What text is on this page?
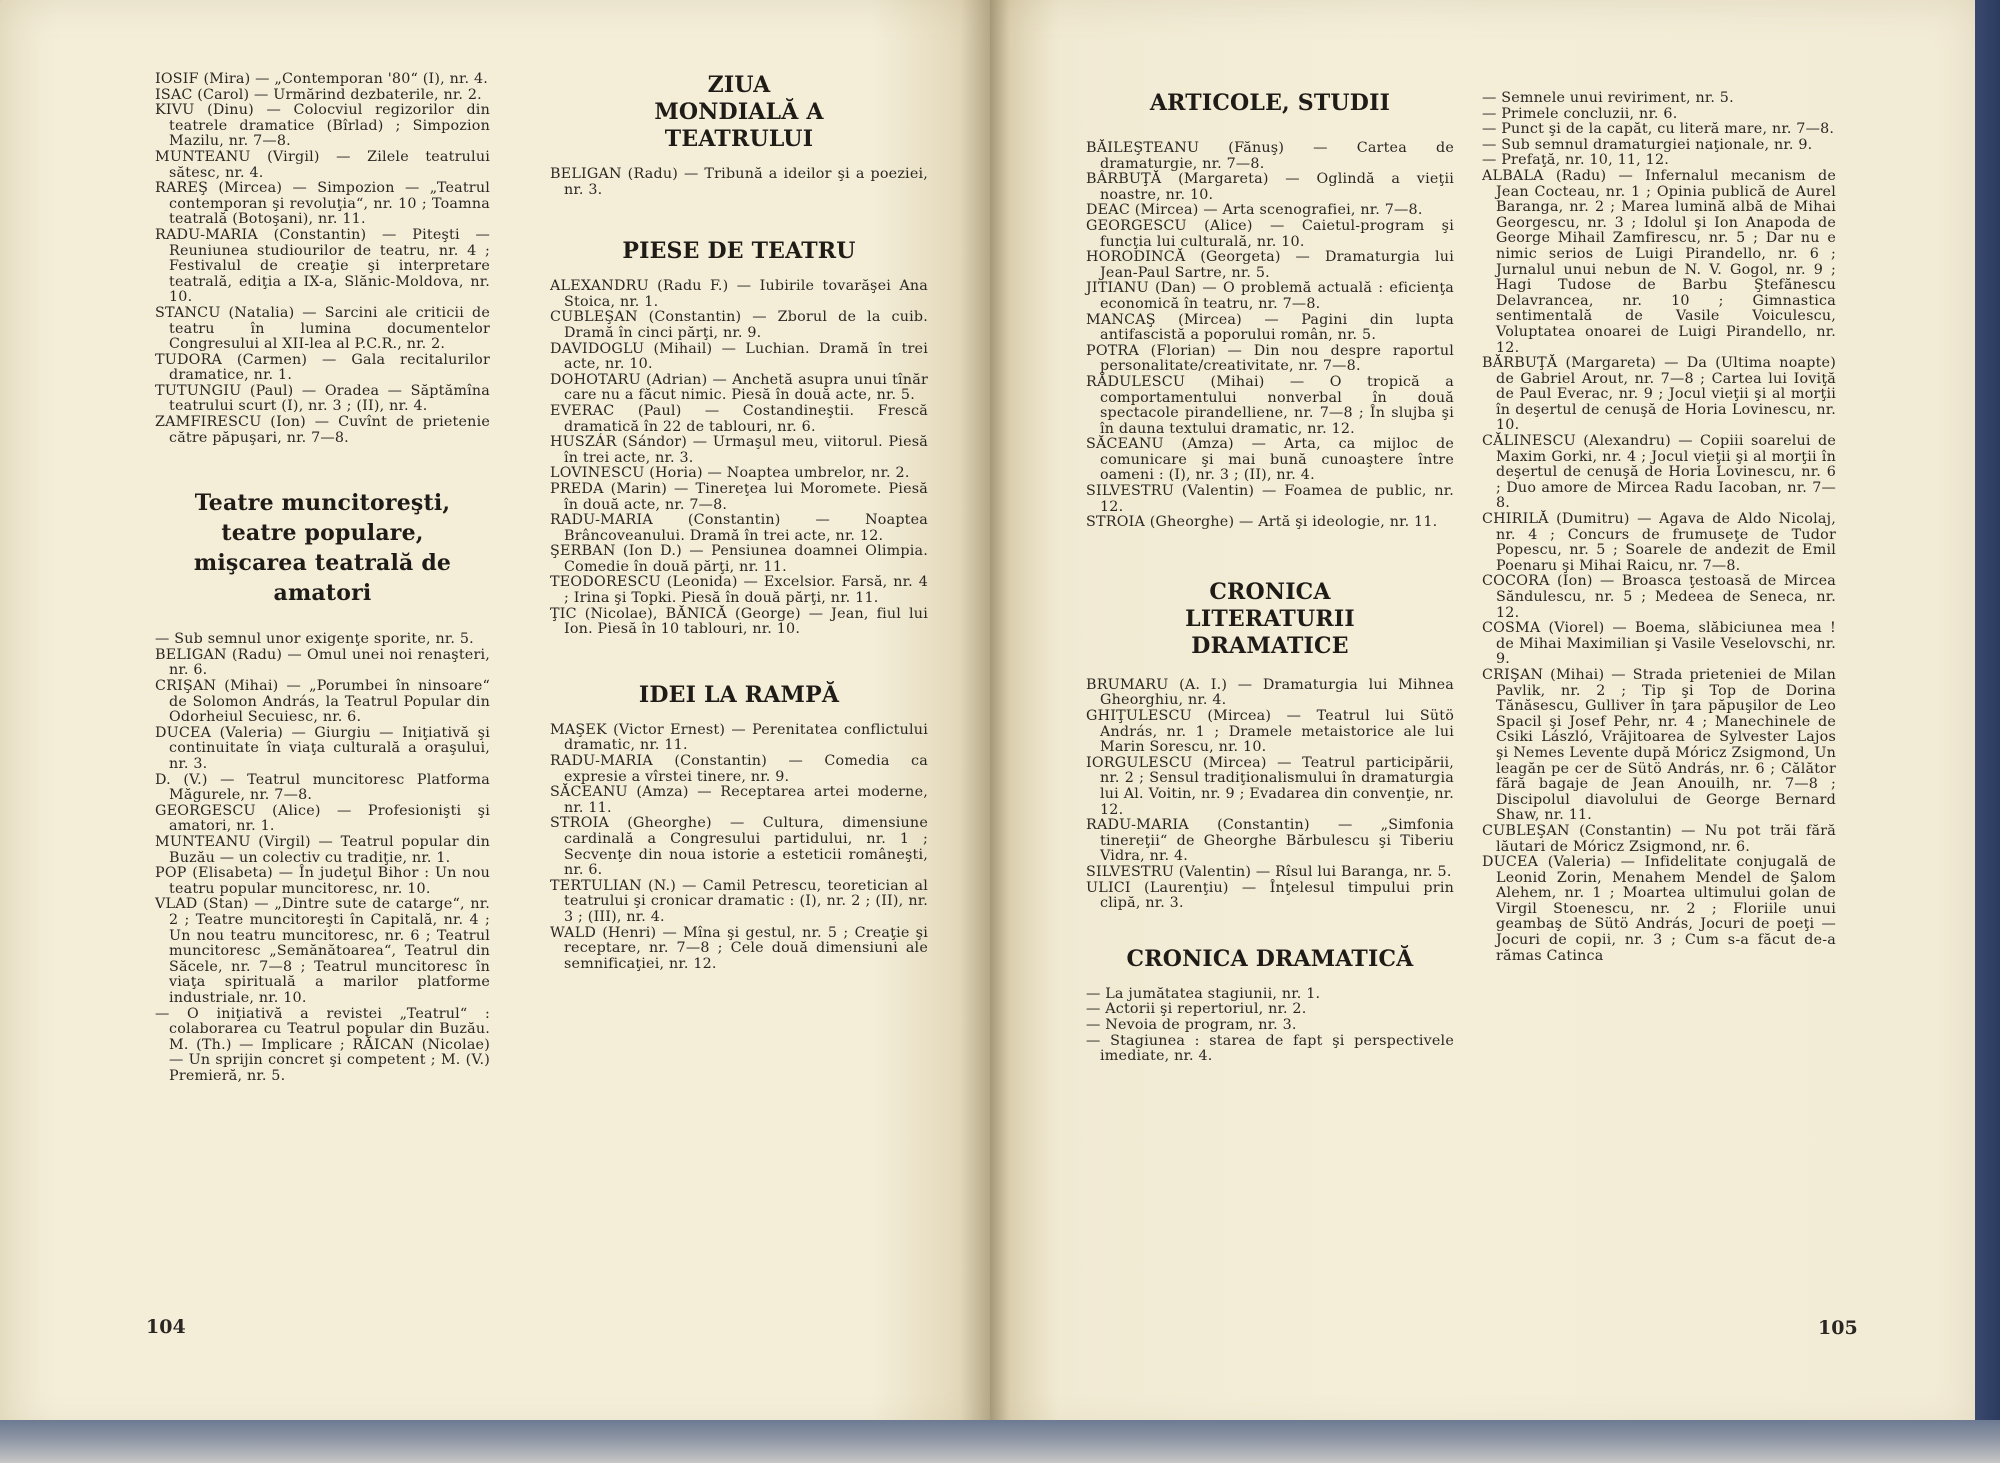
IOSIF (Mira) — „Contemporan '80“ (I), nr. 4.

ISAC (Carol) — Urmărind dezbaterile, nr. 2.

KIVU (Dinu) — Colocviul regizorilor din teatrele dramatice (Bîrlad) ; Simpozion Mazilu, nr. 7—8.

MUNTEANU (Virgil) — Zilele teatrului sătesc, nr. 4.

RAREŞ (Mircea) — Simpozion — „Teatrul contemporan şi revoluţia“, nr. 10 ; Toamna teatrală (Botoşani), nr. 11.

RADU-MARIA (Constantin) — Piteşti — Reuniunea studiourilor de teatru, nr. 4 ; Festivalul de creaţie şi interpretare teatrală, ediţia a IX-a, Slănic-Moldova, nr. 10.

STANCU (Natalia) — Sarcini ale criticii de teatru în lumina documentelor Congresului al XII-lea al P.C.R., nr. 2.

TUDORA (Carmen) — Gala recitalurilor dramatice, nr. 1.

TUTUNGIU (Paul) — Oradea — Săptămîna teatrului scurt (I), nr. 3 ; (II), nr. 4.

ZAMFIRESCU (Ion) — Cuvînt de prietenie către păpuşari, nr. 7—8.

Teatre muncitoreşti, teatre populare, mişcarea teatrală de amatori

— Sub semnul unor exigenţe sporite, nr. 5.

BELIGAN (Radu) — Omul unei noi renaşteri, nr. 6.

CRIŞAN (Mihai) — „Porumbei în ninsoare“ de Solomon András, la Teatrul Popular din Odorheiul Secuiesc, nr. 6.

DUCEA (Valeria) — Giurgiu — Iniţiativă şi continuitate în viaţa culturală a oraşului, nr. 3.

D. (V.) — Teatrul muncitoresc Platforma Măgurele, nr. 7—8.

GEORGESCU (Alice) — Profesionişti şi amatori, nr. 1.

MUNTEANU (Virgil) — Teatrul popular din Buzău — un colectiv cu tradiţie, nr. 1.

POP (Elisabeta) — În judeţul Bihor : Un nou teatru popular muncitoresc, nr. 10.

VLAD (Stan) — „Dintre sute de catarge“, nr. 2 ; Teatre muncitoreşti în Capitală, nr. 4 ; Un nou teatru muncitoresc, nr. 6 ; Teatrul muncitoresc „Semănătoarea“, Teatrul din Săcele, nr. 7—8 ; Teatrul muncitoresc în viaţa spirituală a marilor platforme industriale, nr. 10.

— O iniţiativă a revistei „Teatrul“ : colaborarea cu Teatrul popular din Buzău. M. (Th.) — Implicare ; RĂICAN (Nicolae) — Un sprijin concret şi competent ; M. (V.) Premieră, nr. 5.

ZIUA MONDIALĂ A TEATRULUI

BELIGAN (Radu) — Tribună a ideilor şi a poeziei, nr. 3.

PIESE DE TEATRU

ALEXANDRU (Radu F.) — Iubirile tovarăşei Ana Stoica, nr. 1.

CUBLEŞAN (Constantin) — Zborul de la cuib. Dramă în cinci părţi, nr. 9.

DAVIDOGLU (Mihail) — Luchian. Dramă în trei acte, nr. 10.

DOHOTARU (Adrian) — Anchetă asupra unui tînăr care nu a făcut nimic. Piesă în două acte, nr. 5.

EVERAC (Paul) — Costandineştii. Frescă dramatică în 22 de tablouri, nr. 6.

HUSZÁR (Sándor) — Urmaşul meu, viitorul. Piesă în trei acte, nr. 3.

LOVINESCU (Horia) — Noaptea umbrelor, nr. 2.

PREDA (Marin) — Tinereţea lui Moromete. Piesă în două acte, nr. 7—8.

RADU-MARIA (Constantin) — Noaptea Brâncoveanului. Dramă în trei acte, nr. 12.

ŞERBAN (Ion D.) — Pensiunea doamnei Olimpia. Comedie în două părţi, nr. 11.

TEODORESCU (Leonida) — Excelsior. Farsă, nr. 4 ; Irina şi Topki. Piesă în două părţi, nr. 11.

ŢIC (Nicolae), BĂNICĂ (George) — Jean, fiul lui Ion. Piesă în 10 tablouri, nr. 10.

IDEI LA RAMPĂ

MAŞEK (Victor Ernest) — Perenitatea conflictului dramatic, nr. 11.

RADU-MARIA (Constantin) — Comedia ca expresie a vîrstei tinere, nr. 9.

SĂCEANU (Amza) — Receptarea artei moderne, nr. 11.

STROIA (Gheorghe) — Cultura, dimensiune cardinală a Congresului partidului, nr. 1 ; Secvenţe din noua istorie a esteticii româneşti, nr. 6.

TERTULIAN (N.) — Camil Petrescu, teoretician al teatrului şi cronicar dramatic : (I), nr. 2 ; (II), nr. 3 ; (III), nr. 4.

WALD (Henri) — Mîna şi gestul, nr. 5 ; Creaţie şi receptare, nr. 7—8 ; Cele două dimensiuni ale semnificaţiei, nr. 12.

ARTICOLE, STUDII

BĂILEŞTEANU (Fănuş) — Cartea de dramaturgie, nr. 7—8.

BÂRBUŢĂ (Margareta) — Oglindă a vieţii noastre, nr. 10.

DEAC (Mircea) — Arta scenografiei, nr. 7—8.

GEORGESCU (Alice) — Caietul-program şi funcţia lui culturală, nr. 10.

HORODINCĂ (Georgeta) — Dramaturgia lui Jean-Paul Sartre, nr. 5.

JITIANU (Dan) — O problemă actuală : eficienţa economică în teatru, nr. 7—8.

MANCAŞ (Mircea) — Pagini din lupta antifascistă a poporului român, nr. 5.

POTRA (Florian) — Din nou despre raportul personalitate/creativitate, nr. 7—8.

RĂDULESCU (Mihai) — O tropică a comportamentului nonverbal în două spectacole pirandelliene, nr. 7—8 ; În slujba şi în dauna textului dramatic, nr. 12.

SĂCEANU (Amza) — Arta, ca mijloc de comunicare şi mai bună cunoaştere între oameni : (I), nr. 3 ; (II), nr. 4.

SILVESTRU (Valentin) — Foamea de public, nr. 12.

STROIA (Gheorghe) — Artă şi ideologie, nr. 11.

CRONICA LITERATURII DRAMATICE

BRUMARU (A. I.) — Dramaturgia lui Mihnea Gheorghiu, nr. 4.

GHIŢULESCU (Mircea) — Teatrul lui Sütö András, nr. 1 ; Dramele metaistorice ale lui Marin Sorescu, nr. 10.

IORGULESCU (Mircea) — Teatrul participării, nr. 2 ; Sensul tradiţionalismului în dramaturgia lui Al. Voitin, nr. 9 ; Evadarea din convenţie, nr. 12.

RADU-MARIA (Constantin) — „Simfonia tinereţii“ de Gheorghe Bărbulescu şi Tiberiu Vidra, nr. 4.

SILVESTRU (Valentin) — Rîsul lui Baranga, nr. 5.

ULICI (Laurenţiu) — Înţelesul timpului prin clipă, nr. 3.

CRONICA DRAMATICĂ

— La jumătatea stagiunii, nr. 1.

— Actorii şi repertoriul, nr. 2.

— Nevoia de program, nr. 3.

— Stagiunea : starea de fapt şi perspectivele imediate, nr. 4.

— Semnele unui reviriment, nr. 5.

— Primele concluzii, nr. 6.

— Punct şi de la capăt, cu literă mare, nr. 7—8.

— Sub semnul dramaturgiei naţionale, nr. 9.

— Prefaţă, nr. 10, 11, 12.

ALBALA (Radu) — Infernalul mecanism de Jean Cocteau, nr. 1 ; Opinia publică de Aurel Baranga, nr. 2 ; Marea lumină albă de Mihai Georgescu, nr. 3 ; Idolul şi Ion Anapoda de George Mihail Zamfirescu, nr. 5 ; Dar nu e nimic serios de Luigi Pirandello, nr. 6 ; Jurnalul unui nebun de N. V. Gogol, nr. 9 ; Hagi Tudose de Barbu Ştefănescu Delavrancea, nr. 10 ; Gimnastica sentimentală de Vasile Voiculescu, Voluptatea onoarei de Luigi Pirandello, nr. 12.

BĂRBUŢĂ (Margareta) — Da (Ultima noapte) de Gabriel Arout, nr. 7—8 ; Cartea lui Ioviţă de Paul Everac, nr. 9 ; Jocul vieţii şi al morţii în deşertul de cenuşă de Horia Lovinescu, nr. 10.

CĂLINESCU (Alexandru) — Copiii soarelui de Maxim Gorki, nr. 4 ; Jocul vieţii şi al morţii în deşertul de cenuşă de Horia Lovinescu, nr. 6 ; Duo amore de Mircea Radu Iacoban, nr. 7—8.

CHIRILĂ (Dumitru) — Agava de Aldo Nicolaj, nr. 4 ; Concurs de frumuseţe de Tudor Popescu, nr. 5 ; Soarele de andezit de Emil Poenaru şi Mihai Raicu, nr. 7—8.

COCORA (Ion) — Broasca ţestoasă de Mircea Săndulescu, nr. 5 ; Medeea de Seneca, nr. 12.

COSMA (Viorel) — Boema, slăbiciunea mea ! de Mihai Maximilian şi Vasile Veselovschi, nr. 9.

CRIŞAN (Mihai) — Strada prieteniei de Milan Pavlik, nr. 2 ; Tip şi Top de Dorina Tănăsescu, Gulliver în ţara păpuşilor de Leo Spacil şi Josef Pehr, nr. 4 ; Manechinele de Csiki László, Vrăjitoarea de Sylvester Lajos şi Nemes Levente după Móricz Zsigmond, Un leagăn pe cer de Sütö András, nr. 6 ; Călător fără bagaje de Jean Anouilh, nr. 7—8 ; Discipolul diavolului de George Bernard Shaw, nr. 11.

CUBLEŞAN (Constantin) — Nu pot trăi fără lăutari de Móricz Zsigmond, nr. 6.

DUCEA (Valeria) — Infidelitate conjugală de Leonid Zorin, Menahem Mendel de Şalom Alehem, nr. 1 ; Moartea ultimului golan de Virgil Stoenescu, nr. 2 ; Floriile unui geambaş de Sütö András, Jocuri de poeţi — Jocuri de copii, nr. 3 ; Cum s-a făcut de-a rămas Catinca

104	105
